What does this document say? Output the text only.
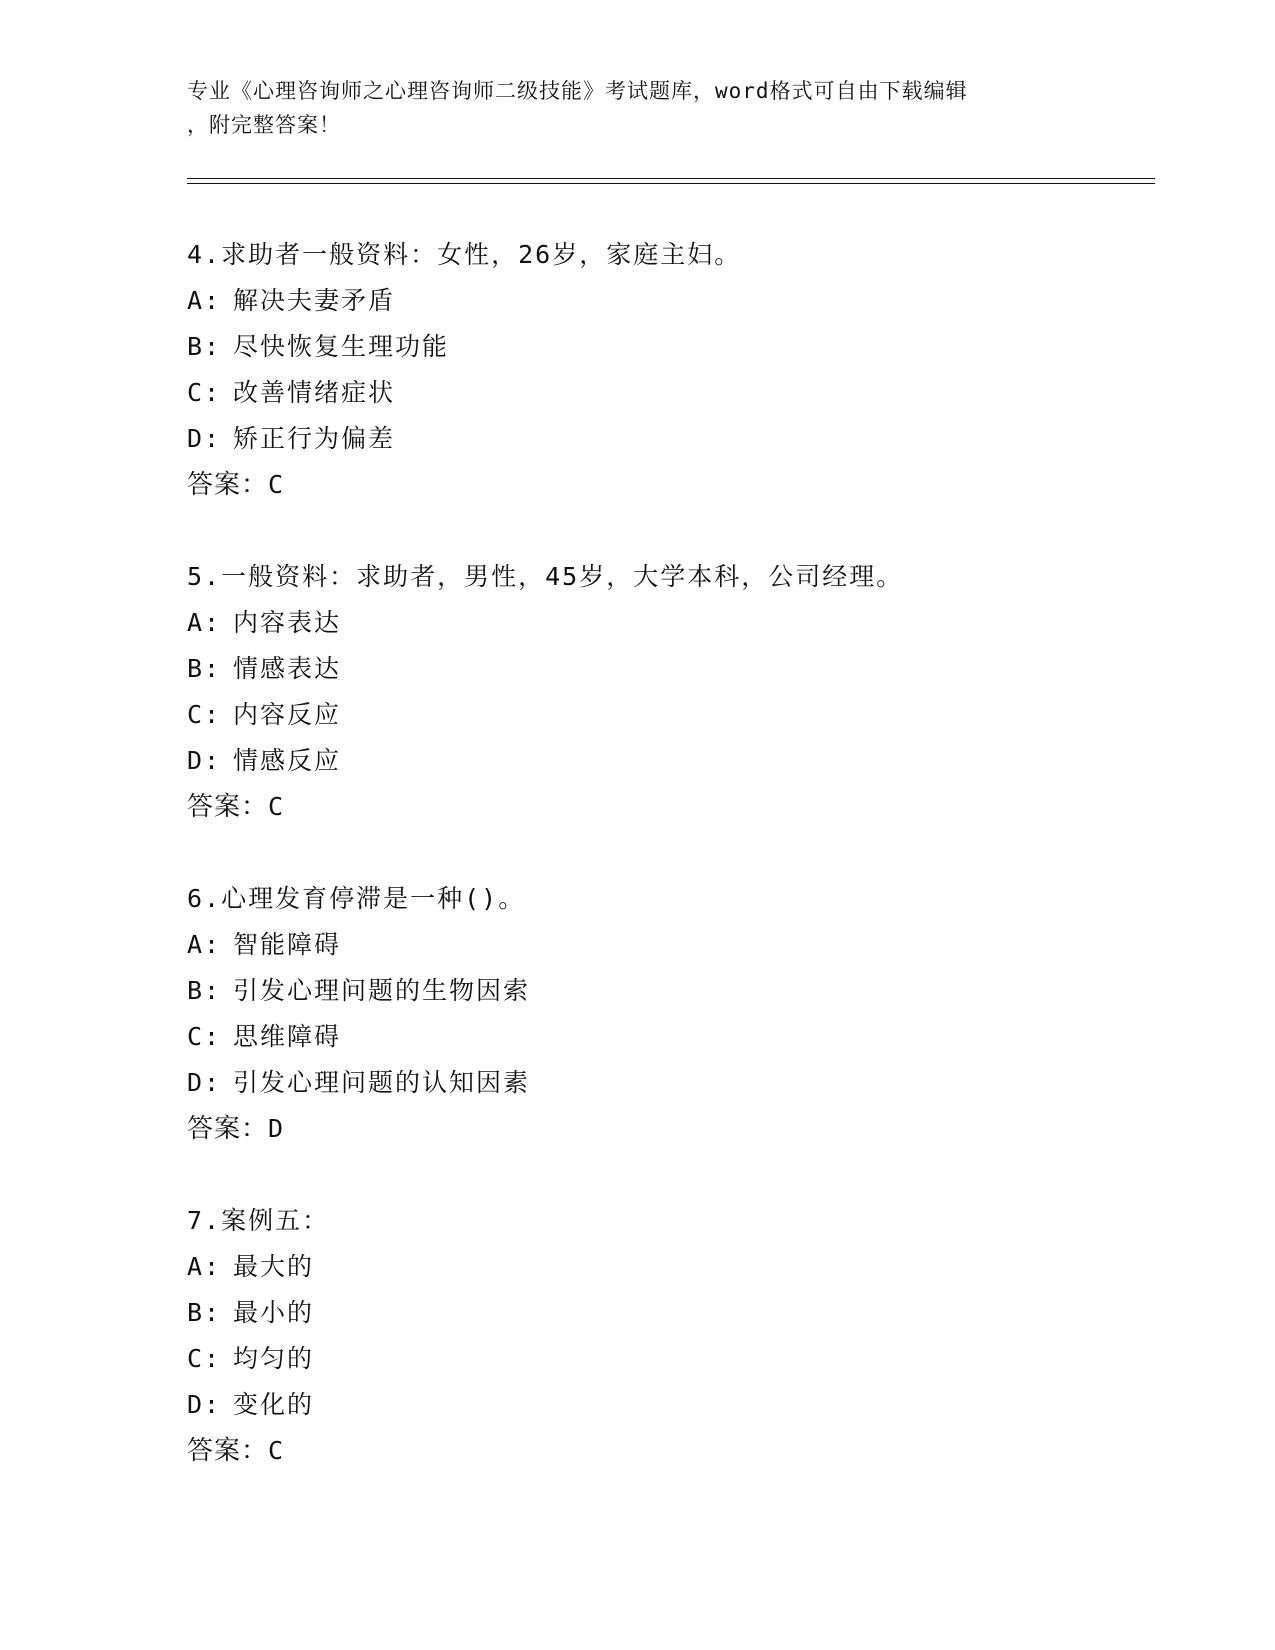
专业《心理咨询师之心理咨询师二级技能》考试题库，word格式可自由下载编辑
，附完整答案！
4.求助者一般资料：女性，26岁，家庭主妇。
A: 解决夫妻矛盾
B: 尽快恢复生理功能
C: 改善情绪症状
D: 矫正行为偏差
答案：C
5.一般资料：求助者，男性，45岁，大学本科，公司经理。
A: 内容表达
B: 情感表达
C: 内容反应
D: 情感反应
答案：C
6.心理发育停滞是一种()。
A: 智能障碍
B: 引发心理问题的生物因索
C: 思维障碍
D: 引发心理问题的认知因素
答案：D
7.案例五：
A: 最大的
B: 最小的
C: 均匀的
D: 变化的
答案：C
